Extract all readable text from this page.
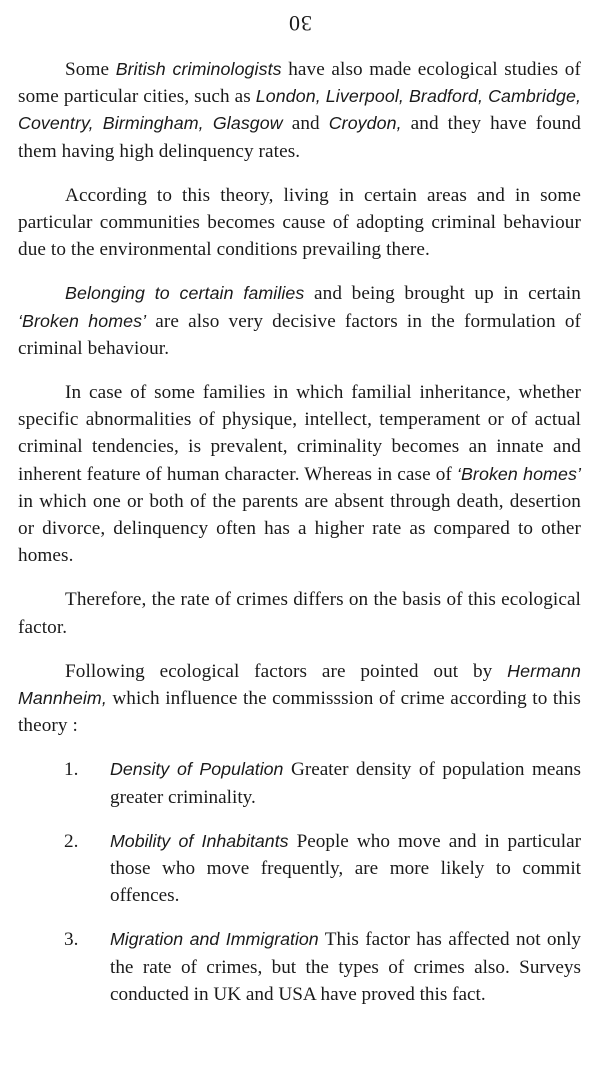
30

Some British criminologists have also made ecological studies of some particular cities, such as London, Liverpool, Bradford, Cambridge, Coventry, Birmingham, Glasgow and Croydon, and they have found them having high delinquency rates.

According to this theory, living in certain areas and in some particular communities becomes cause of adopting criminal behaviour due to the environmental conditions prevailing there.

Belonging to certain families and being brought up in certain ‘Broken homes’ are also very decisive factors in the formulation of criminal behaviour.

In case of some families in which familial inheritance, whether specific abnormalities of physique, intellect, temperament or of actual criminal tendencies, is prevalent, criminality becomes an innate and inherent feature of human character. Whereas in case of ‘Broken homes’ in which one or both of the parents are absent through death, desertion or divorce, delinquency often has a higher rate as compared to other homes.

Therefore, the rate of crimes differs on the basis of this ecological factor.

Following ecological factors are pointed out by Hermann Mannheim, which influence the commisssion of crime according to this theory :

1.	Density of Population Greater density of population means greater criminality.
2.	Mobility of Inhabitants People who move and in particular those who move frequently, are more likely to commit offences.
3.	Migration and Immigration This factor has affected not only the rate of crimes, but the types of crimes also. Surveys conducted in UK and USA have proved this fact.
